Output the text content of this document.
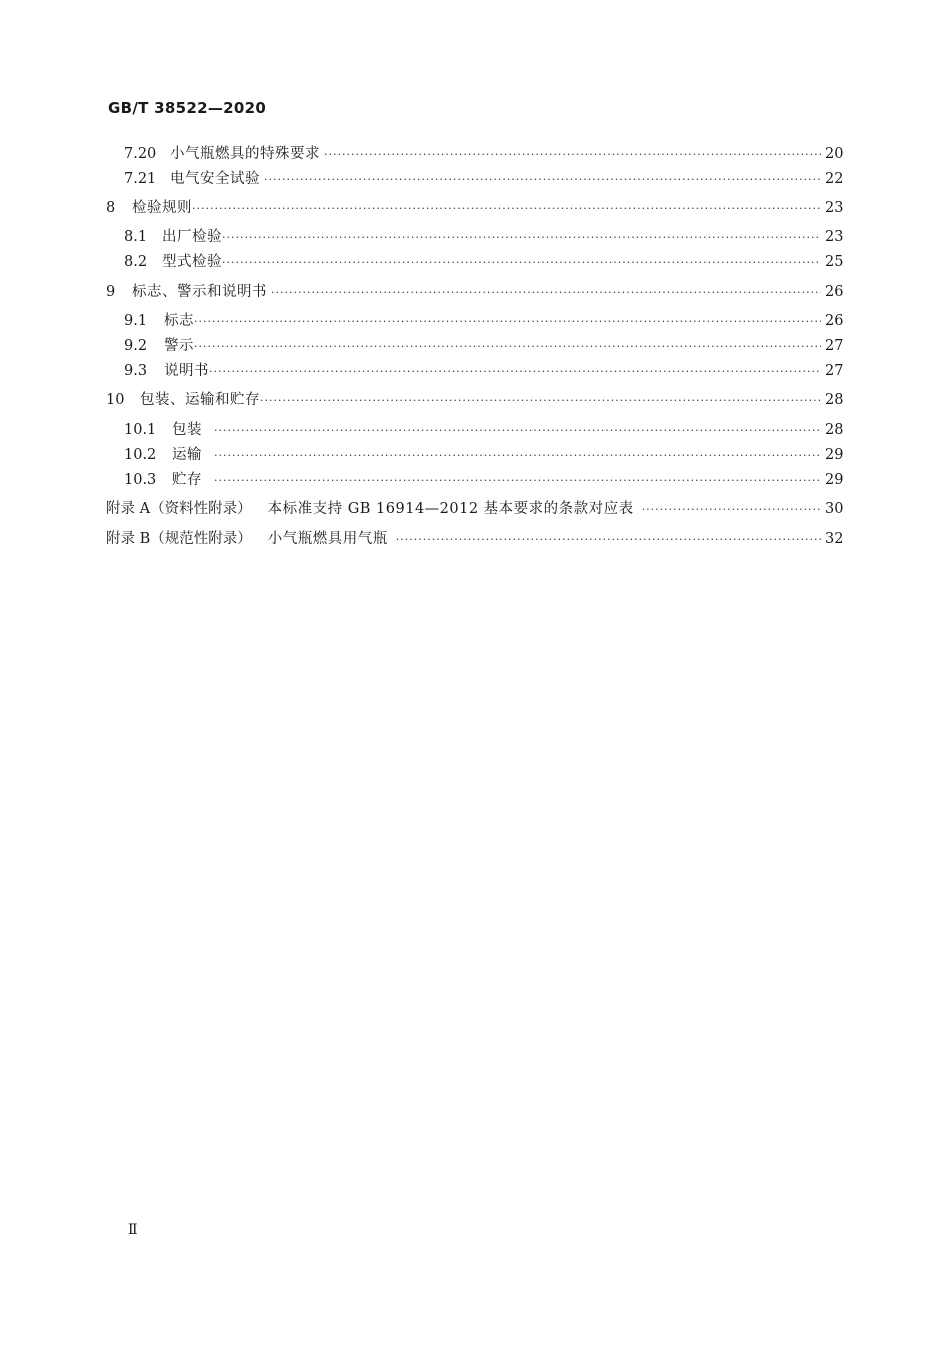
GB/T 38522—2020
7.20 小气瓶燃具的特殊要求 ·····	20
7.21 电气安全试验 ·····	22
8	检验规则 ·····	23
8.1	出厂检验 ·····	23
8.2	型式检验 ·····	25
9	标志、警示和说明书 ·····	26
9.1	标志 ·····	26
9.2	警示 ·····	27
9.3	说明书 ·····	27
10	包装、运输和贮存 ·····	28
10.1	包装 ·····	28
10.2	运输 ·····	29
10.3	贮存 ·····	29
附录 A（资料性附录） 本标准支持 GB 16914—2012 基本要求的条款对应表 ·····	30
附录 B（规范性附录） 小气瓶燃具用气瓶 ·····	32
Ⅱ
